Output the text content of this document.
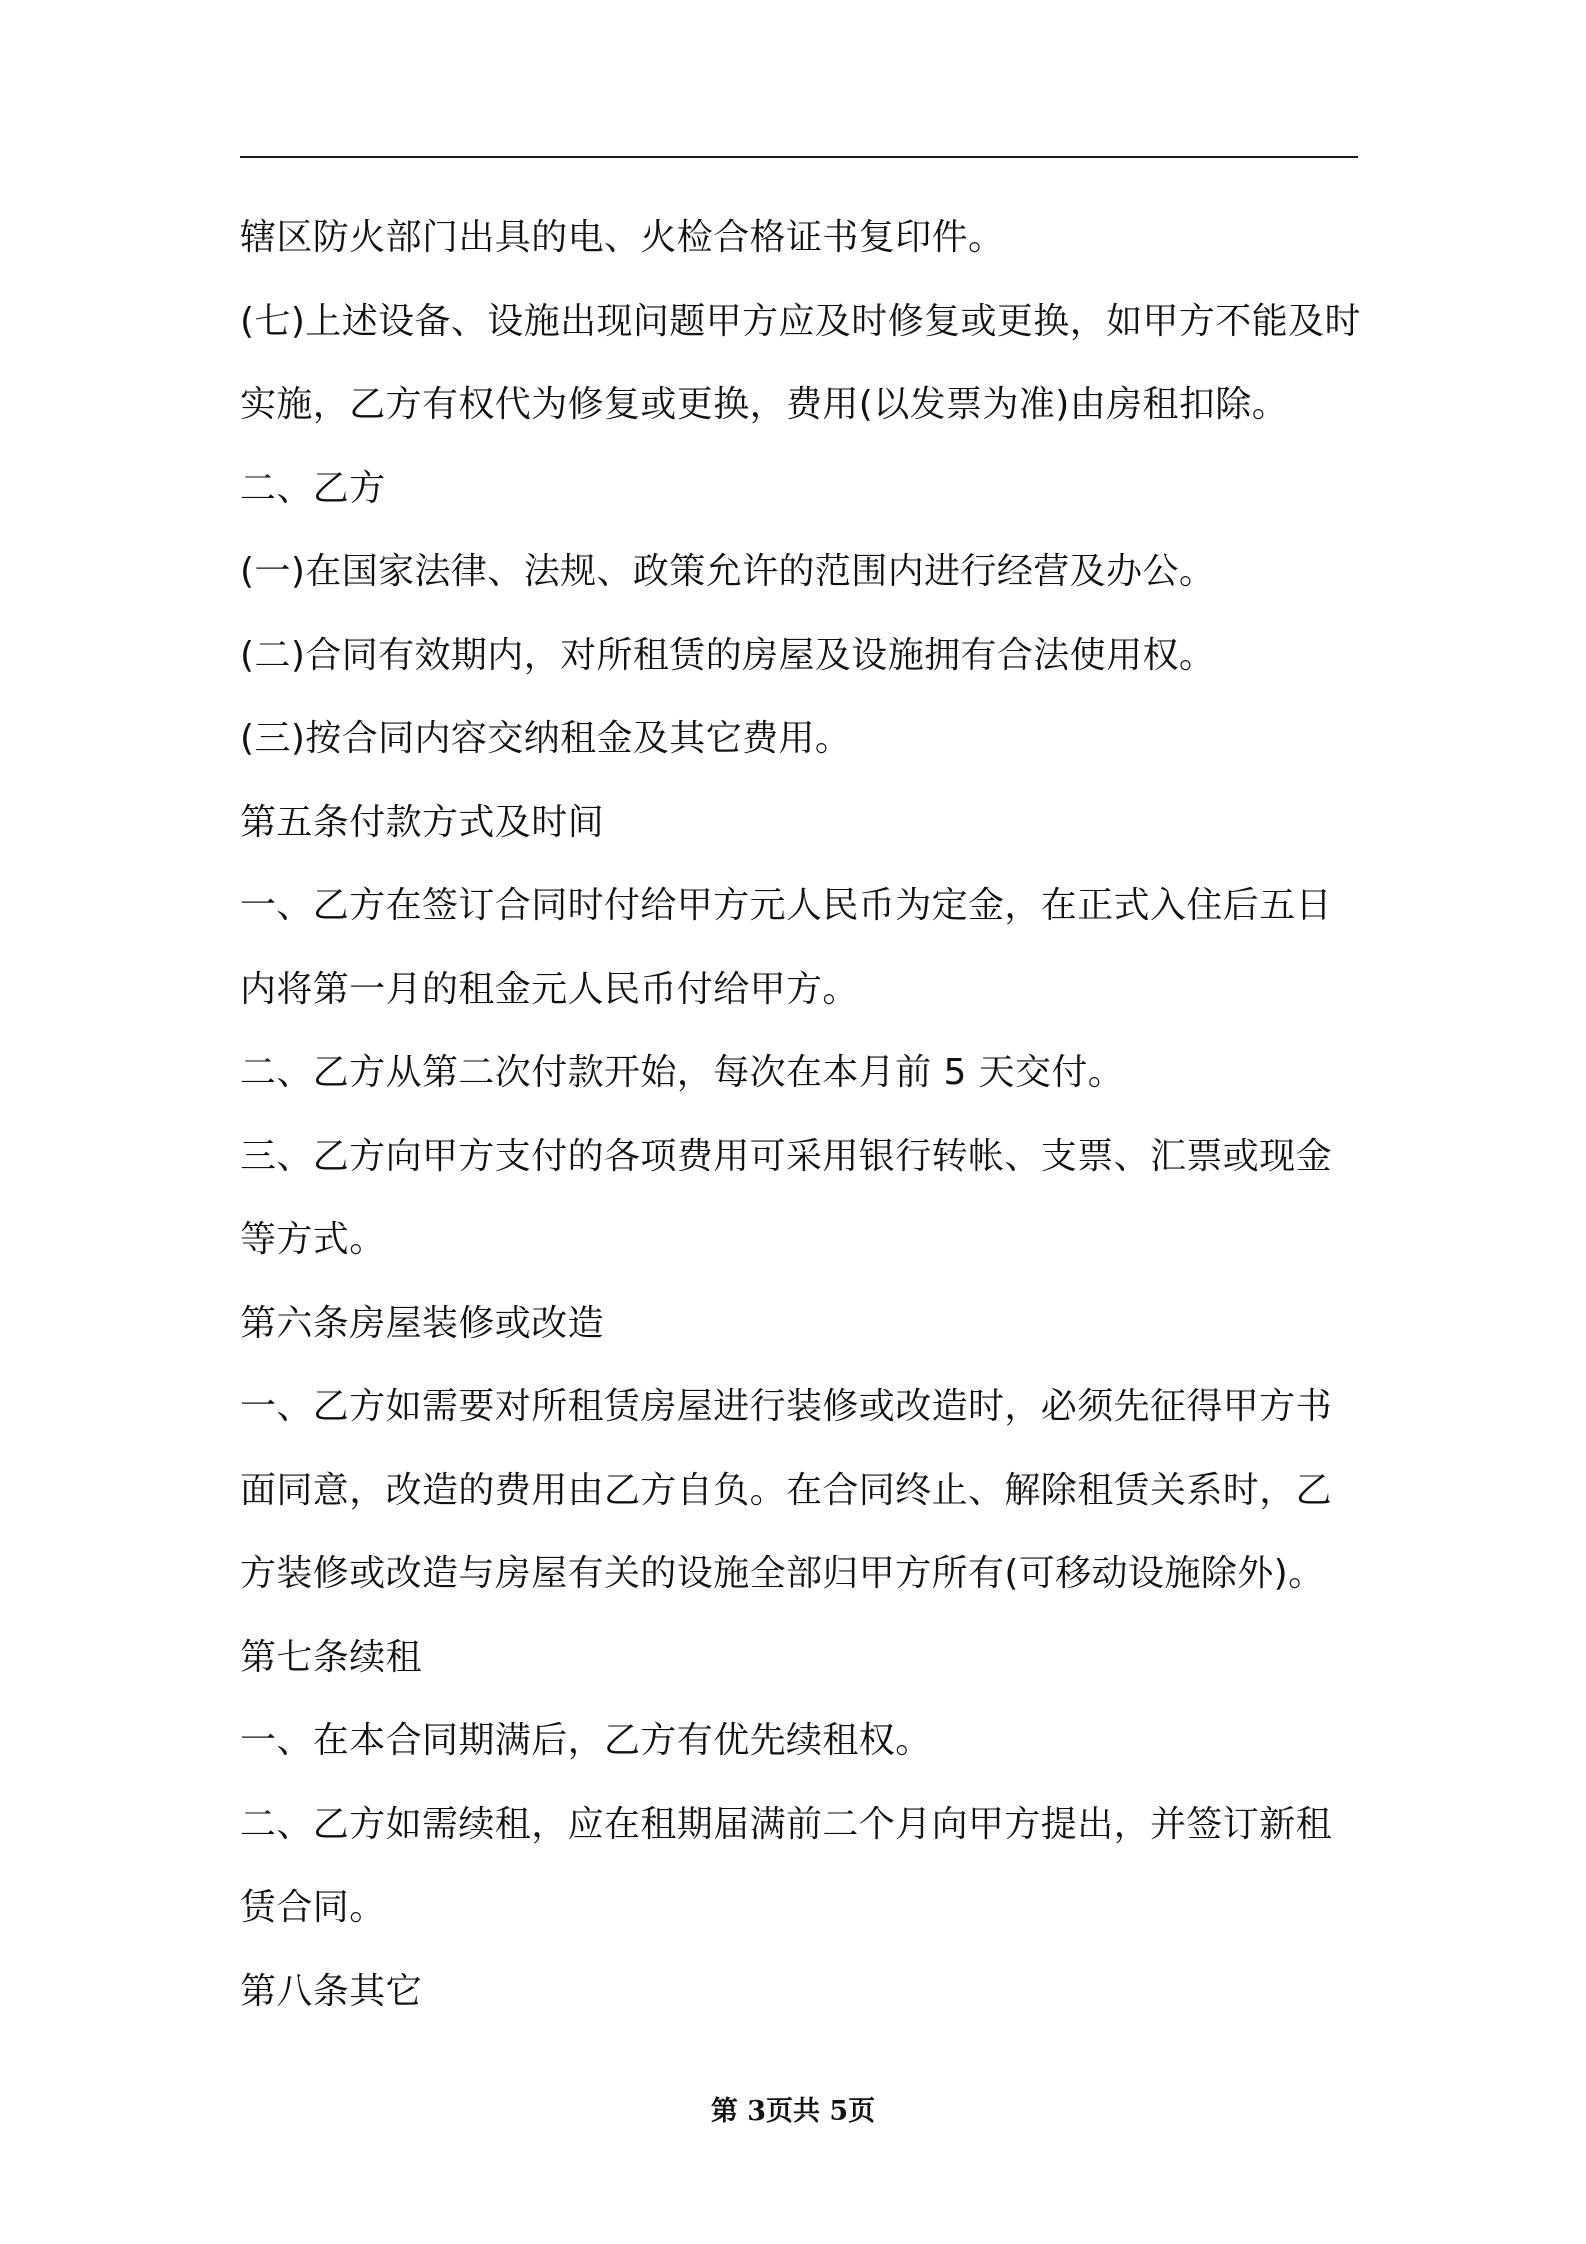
辖区防火部门出具的电、火检合格证书复印件。

(七)上述设备、设施出现问题甲方应及时修复或更换，如甲方不能及时实施，乙方有权代为修复或更换，费用(以发票为准)由房租扣除。

二、乙方

(一)在国家法律、法规、政策允许的范围内进行经营及办公。

(二)合同有效期内，对所租赁的房屋及设施拥有合法使用权。

(三)按合同内容交纳租金及其它费用。

第五条付款方式及时间

一、乙方在签订合同时付给甲方元人民币为定金，在正式入住后五日内将第一月的租金元人民币付给甲方。

二、乙方从第二次付款开始，每次在本月前 5 天交付。

三、乙方向甲方支付的各项费用可采用银行转帐、支票、汇票或现金等方式。

第六条房屋装修或改造

一、乙方如需要对所租赁房屋进行装修或改造时，必须先征得甲方书面同意，改造的费用由乙方自负。在合同终止、解除租赁关系时，乙方装修或改造与房屋有关的设施全部归甲方所有(可移动设施除外)。

第七条续租

一、在本合同期满后，乙方有优先续租权。

二、乙方如需续租，应在租期届满前二个月向甲方提出，并签订新租赁合同。

第八条其它

第 3页共 5页
